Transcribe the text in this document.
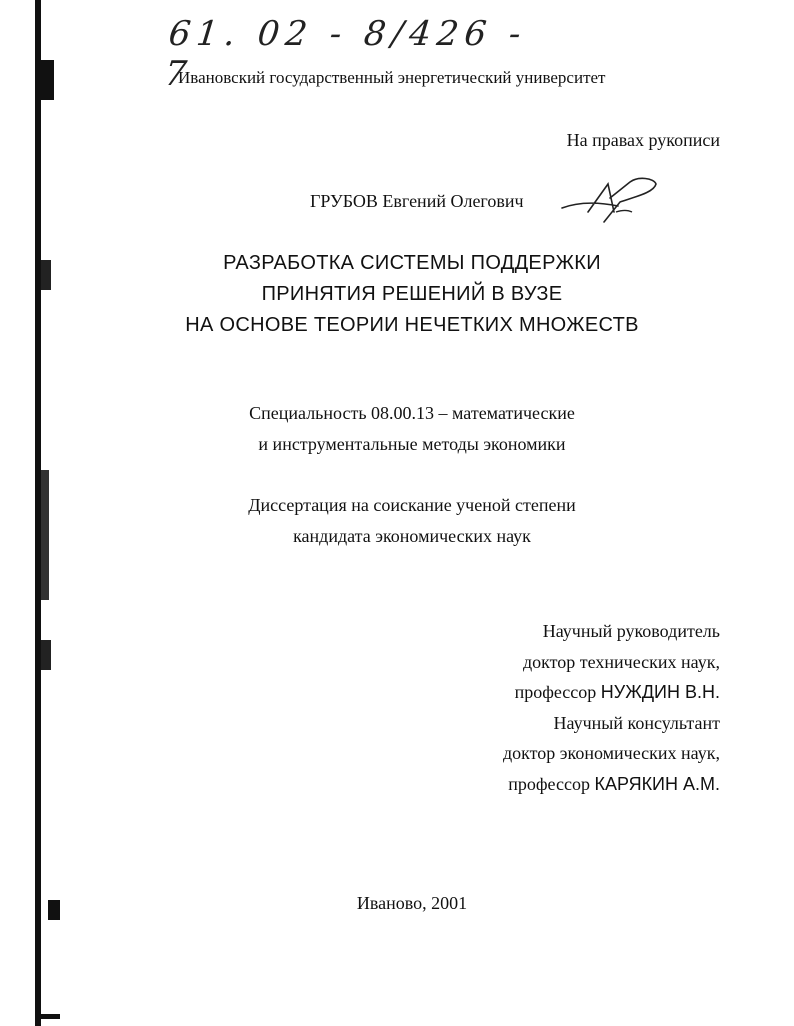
61. 02 - 8/426 - 7
Ивановский государственный энергетический университет
На правах рукописи
ГРУБОВ Евгений Олегович
РАЗРАБОТКА СИСТЕМЫ ПОДДЕРЖКИ
ПРИНЯТИЯ РЕШЕНИЙ В ВУЗЕ
НА ОСНОВЕ ТЕОРИИ НЕЧЕТКИХ МНОЖЕСТВ
Специальность 08.00.13 – математические
и инструментальные методы экономики
Диссертация на соискание ученой степени
кандидата экономических наук
Научный руководитель
доктор технических наук,
профессор НУЖДИН В.Н.
Научный консультант
доктор экономических наук,
профессор КАРЯКИН А.М.
Иваново, 2001
